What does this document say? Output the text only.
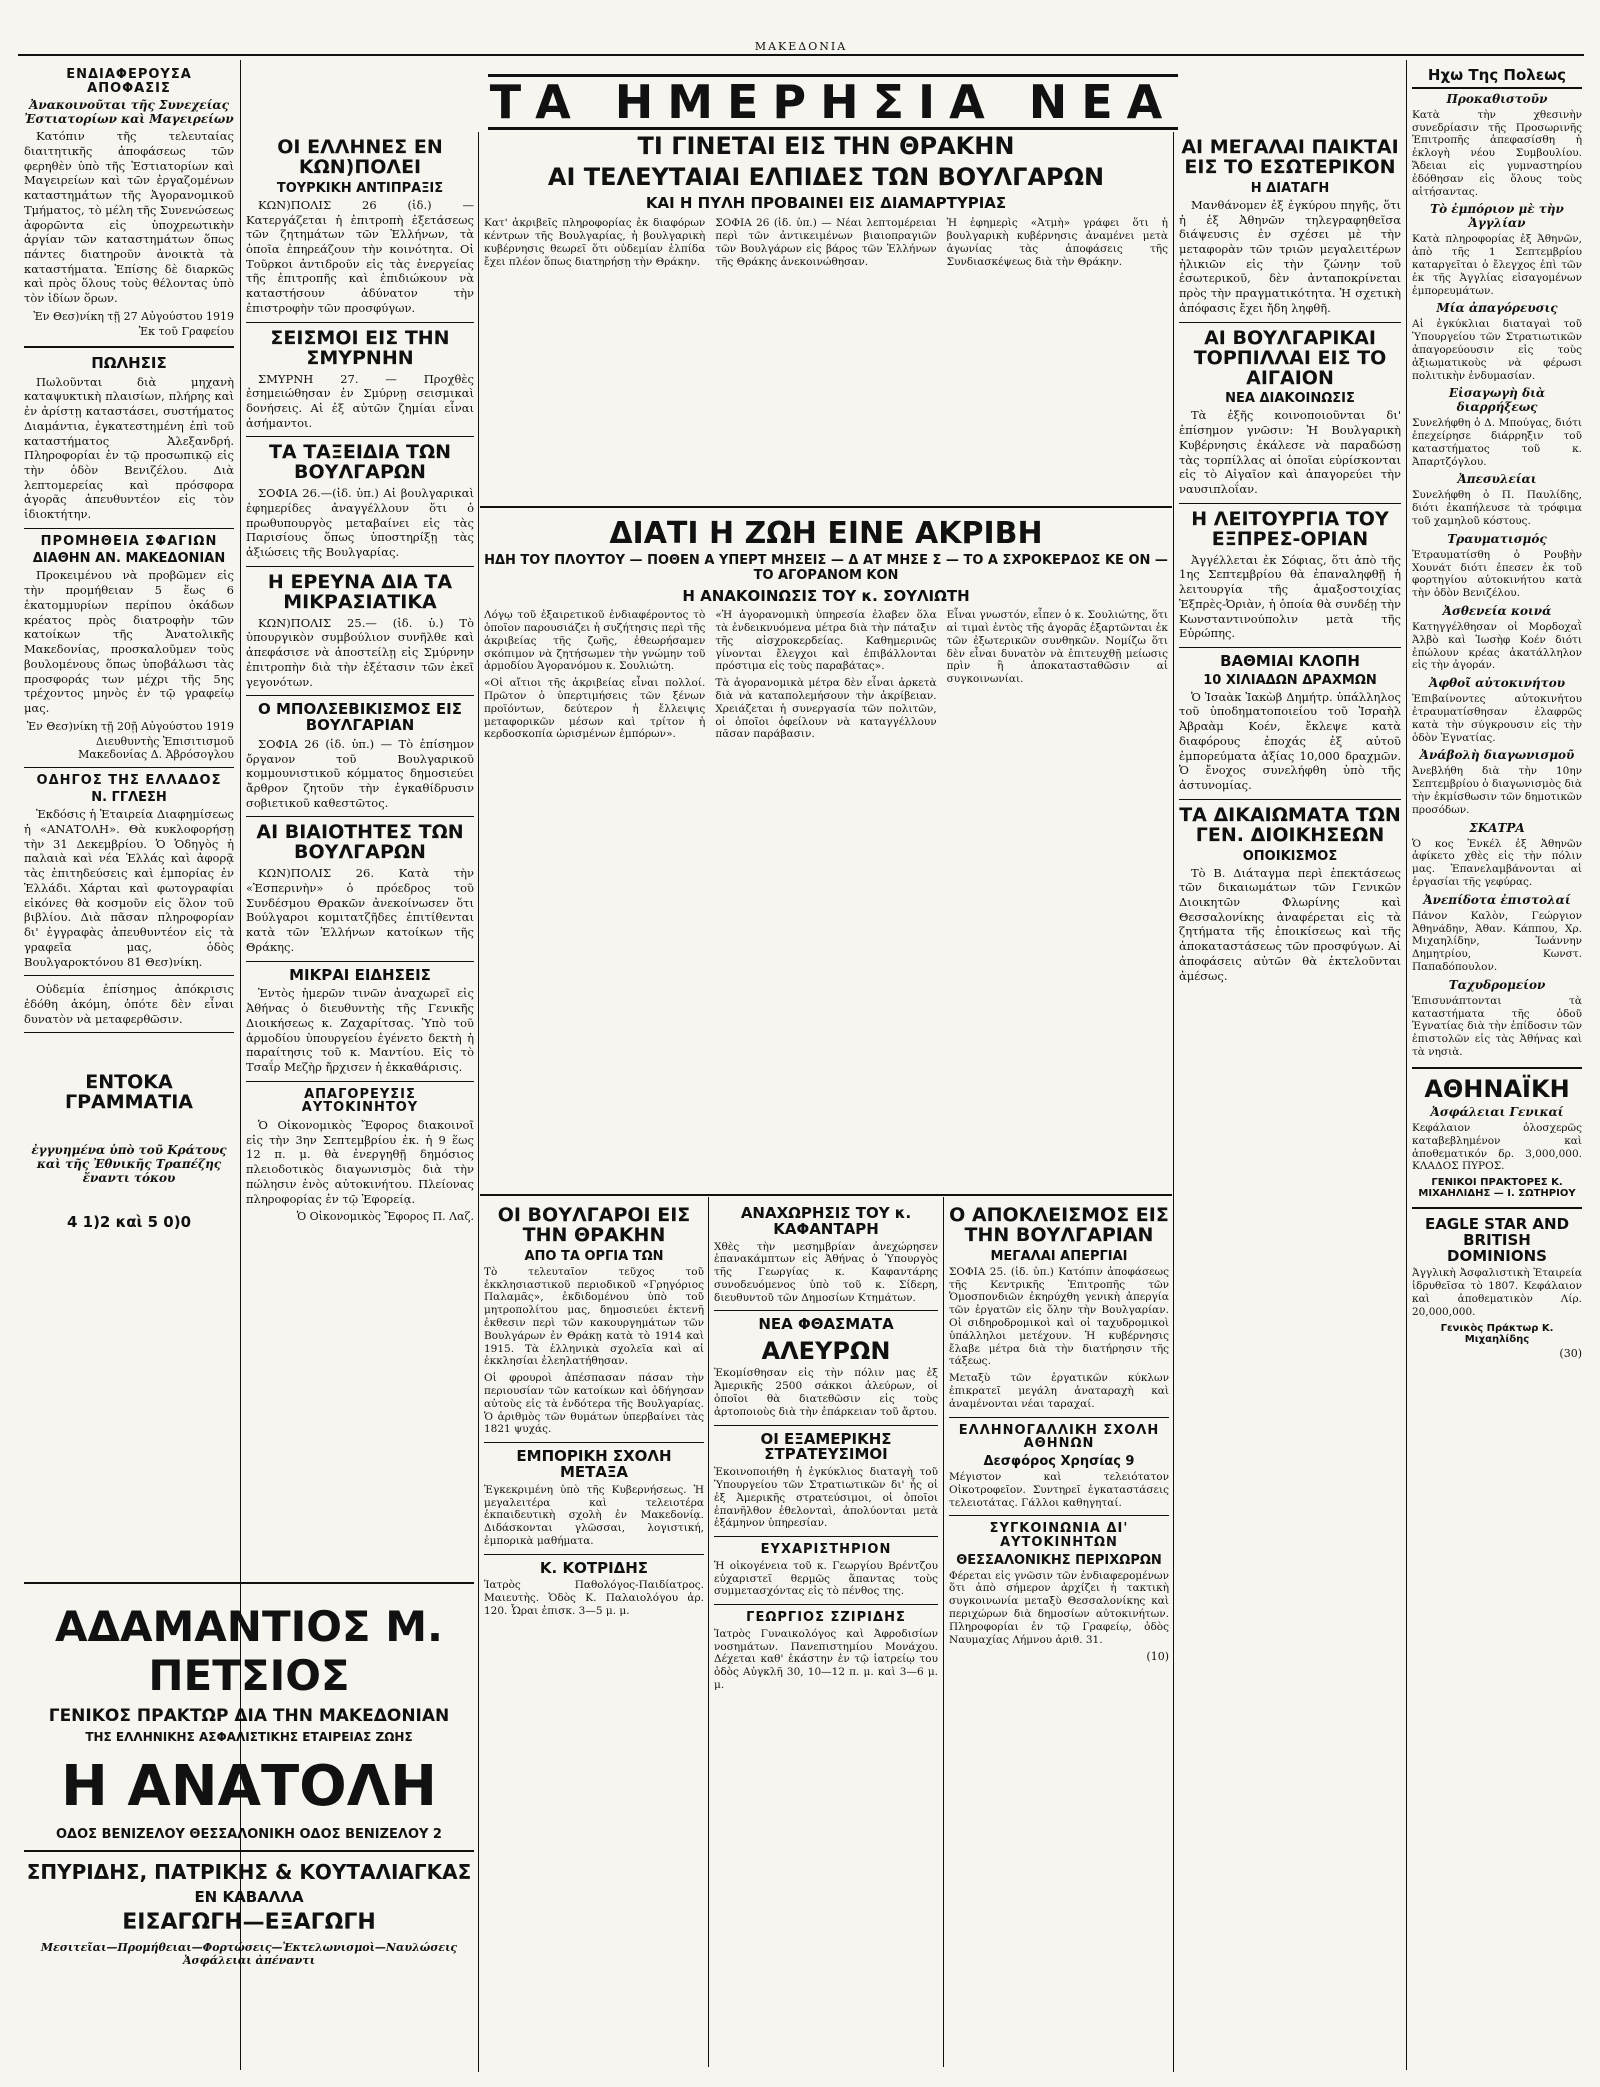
ΜΑΚΕΔΟΝΙΑ
ΤΑ ΗΜΕΡΗΣΙΑ ΝΕΑ
ΕΝΔΙΑΦΕΡΟΥΣΑ ΑΠΟΦΑΣΙΣ
Ἀνακοινοῦται τῆς Συνεχείας Ἐστιατορίων καὶ Μαγειρείων

Κατόπιν τῆς τελευταίας διαιτητικῆς ἀποφάσεως τῶν φερηθὲν ὑπὸ τῆς Ἐστιατορίων καὶ Μαγειρείων καὶ τῶν ἐργαζομένων καταστημάτων τῆς Ἀγορανομικοῦ Τμήματος, τὸ μέλη τῆς Συνενώσεως ἀφορῶντα εἰς ὑποχρεωτικὴν ἀργίαν τῶν καταστημάτων ὅπως πάντες διατηροῦν ἀνοικτὰ τὰ καταστήματα. Ἐπίσης δὲ διαρκῶς καὶ πρὸς ὅλους τοὺς θέλοντας ὑπὸ τὸν ἰδίων ὅρων.

Ἐν Θεσ)νίκη τῇ 27 Αὐγούστου 1919
Ἐκ τοῦ Γραφείου
ΠΩΛΗΣΙΣ

Πωλοῦνται διὰ μηχανὴ καταψυκτικὴ πλαισίων, πλήρης καὶ ἐν ἀρίστῃ καταστάσει, συστήματος Διαμάντια, ἐγκατεστημένη ἐπὶ τοῦ καταστήματος Ἀλεξανδρή. Πληροφορίαι ἐν τῷ προσωπικῷ εἰς τὴν ὁδὸν Βενιζέλου. Διὰ λεπτομερείας καὶ πρόσφορα ἀγορᾶς ἀπευθυντέον εἰς τὸν ἰδιοκτήτην.

ΠΡΟΜΗΘΕΙΑ ΣΦΑΓΙΩΝ
ΔΙΑΘΗΝ ΑΝ. ΜΑΚΕΔΟΝΙΑΝ

Προκειμένου νὰ προβῶμεν εἰς τὴν προμήθειαν 5 ἕως 6 ἑκατομμυρίων περίπου ὀκάδων κρέατος πρὸς διατροφὴν τῶν κατοίκων τῆς Ἀνατολικῆς Μακεδονίας, προσκαλοῦμεν τοὺς βουλομένους ὅπως ὑποβάλωσι τὰς προσφοράς των μέχρι τῆς 5ης τρέχοντος μηνὸς ἐν τῷ γραφείῳ μας.

Ἐν Θεσ)νίκη τῇ 20ῇ Αὐγούστου 1919
Διευθυντὴς Ἐπισιτισμοῦ Μακεδονίας Δ. Ἀβρόσογλου
ΟΔΗΓΟΣ ΤΗΣ ΕΛΛΑΔΟΣ
Ν. ΓΓΛΕΣΗ

Ἐκδόσις ἡ Ἑταιρεία Διαφημίσεως ἡ «ΑΝΑΤΟΛΗ». Θὰ κυκλοφορήσῃ τὴν 31 Δεκεμβρίου. Ὁ Ὁδηγὸς ἡ παλαιὰ καὶ νέα Ἑλλάς καὶ ἀφορᾷ τὰς ἐπιτηδεύσεις καὶ ἐμπορίας ἐν Ἑλλάδι. Χάρται καὶ φωτογραφίαι εἰκόνες θὰ κοσμοῦν εἰς ὅλον τοῦ βιβλίου. Διὰ πᾶσαν πληροφορίαν δι' ἐγγραφὰς ἀπευθυντέον εἰς τὰ γραφεῖα μας, ὁδὸς Βουλγαροκτόνου 81 Θεσ)νίκη.

Οὐδεμία ἐπίσημος ἀπόκρισις ἐδόθη ἀκόμη, ὁπότε δὲν εἶναι δυνατὸν νὰ μεταφερθῶσιν.

ΕΝΤΟΚΑ ΓΡΑΜΜΑΤΙΑ

ἐγγυημένα ὑπὸ τοῦ Κράτους καὶ τῆς Ἐθνικῆς Τραπέζης ἔναντι τόκου

4 1)2 καὶ 5 0)0
ΑΔΑΜΑΝΤΙΟΣ Μ. ΠΕΤΣΙΟΣ
ΓΕΝΙΚΟΣ ΠΡΑΚΤΩΡ ΔΙΑ ΤΗΝ ΜΑΚΕΔΟΝΙΑΝ
ΤΗΣ ΕΛΛΗΝΙΚΗΣ ΑΣΦΑΛΙΣΤΙΚΗΣ ΕΤΑΙΡΕΙΑΣ ΖΩΗΣ
Η ΑΝΑΤΟΛΗ
ΟΔΟΣ ΒΕΝΙΖΕΛΟΥ ΘΕΣΣΑΛΟΝΙΚΗ ΟΔΟΣ ΒΕΝΙΖΕΛΟΥ 2
ΣΠΥΡΙΔΗΣ, ΠΑΤΡΙΚΗΣ & ΚΟΥΤΑΛΙΑΓΚΑΣ
ΕΝ ΚΑΒΑΛΛΑ
ΕΙΣΑΓΩΓΗ—ΕΞΑΓΩΓΗ
Μεσιτεῖαι—Προμήθειαι—Φορτώσεις—Ἐκτελωνισμοὶ—Ναυλώσεις Ἀσφάλειαι ἀπέναντι
ΟΙ ΕΛΛΗΝΕΣ ΕΝ ΚΩΝ)ΠΟΛΕΙ
ΤΟΥΡΚΙΚΗ ΑΝΤΙΠΡΑΞΙΣ

ΚΩΝ)ΠΟΛΙΣ 26 (ἰδ.) — Κατεργάζεται ἡ ἐπιτροπὴ ἐξετάσεως τῶν ζητημάτων τῶν Ἑλλήνων, τὰ ὁποῖα ἐπηρεάζουν τὴν κοινότητα. Οἱ Τοῦρκοι ἀντιδροῦν εἰς τὰς ἐνεργείας τῆς ἐπιτροπῆς καὶ ἐπιδιώκουν νὰ καταστήσουν ἀδύνατον τὴν ἐπιστροφὴν τῶν προσφύγων.

ΣΕΙΣΜΟΙ ΕΙΣ ΤΗΝ ΣΜΥΡΝΗΝ

ΣΜΥΡΝΗ 27. — Προχθὲς ἐσημειώθησαν ἐν Σμύρνῃ σεισμικαὶ δονήσεις. Αἱ ἐξ αὐτῶν ζημίαι εἶναι ἀσήμαντοι.

ΤΑ ΤΑΞΕΙΔΙΑ ΤΩΝ ΒΟΥΛΓΑΡΩΝ

ΣΟΦΙΑ 26.—(ἰδ. ὑπ.) Αἱ βουλγαρικαὶ ἐφημερίδες ἀναγγέλλουν ὅτι ὁ πρωθυπουργὸς μεταβαίνει εἰς τὰς Παρισίους ὅπως ὑποστηρίξῃ τὰς ἀξιώσεις τῆς Βουλγαρίας.

Η ΕΡΕΥΝΑ ΔΙΑ ΤΑ ΜΙΚΡΑΣΙΑΤΙΚΑ

ΚΩΝ)ΠΟΛΙΣ 25.— (ἰδ. ὑ.) Τὸ ὑπουργικὸν συμβούλιον συνῆλθε καὶ ἀπεφάσισε νὰ ἀποστείλῃ εἰς Σμύρνην ἐπιτροπὴν διὰ τὴν ἐξέτασιν τῶν ἐκεῖ γεγονότων.

Ο ΜΠΟΛΣΕΒΙΚΙΣΜΟΣ ΕΙΣ ΒΟΥΛΓΑΡΙΑΝ

ΣΟΦΙΑ 26 (ἰδ. ὑπ.) — Τὸ ἐπίσημον ὄργανον τοῦ Βουλγαρικοῦ κομμουνιστικοῦ κόμματος δημοσιεύει ἄρθρον ζητοῦν τὴν ἐγκαθίδρυσιν σοβιετικοῦ καθεστῶτος.

ΑΙ ΒΙΑΙΟΤΗΤΕΣ ΤΩΝ ΒΟΥΛΓΑΡΩΝ

ΚΩΝ)ΠΟΛΙΣ 26. Κατὰ τὴν «Ἐσπερινὴν» ὁ πρόεδρος τοῦ Συνδέσμου Θρακῶν ἀνεκοίνωσεν ὅτι Βούλγαροι κομιτατζῆδες ἐπιτίθενται κατὰ τῶν Ἑλλήνων κατοίκων τῆς Θράκης.

ΜΙΚΡΑΙ ΕΙΔΗΣΕΙΣ

Ἐντὸς ἡμερῶν τινῶν ἀναχωρεῖ εἰς Ἀθήνας ὁ διευθυντὴς τῆς Γενικῆς Διοικήσεως κ. Ζαχαρίτσας. Ὑπὸ τοῦ ἀρμοδίου ὑπουργείου ἐγένετο δεκτὴ ἡ παραίτησις τοῦ κ. Μαντίου. Εἰς τὸ Τσαΐρ Μεζὴρ ἤρχισεν ἡ ἐκκαθάρισις.

ΑΠΑΓΟΡΕΥΣΙΣ ΑΥΤΟΚΙΝΗΤΟΥ

Ὁ Οἰκονομικὸς Ἔφορος διακοινοῖ εἰς τὴν 3ην Σεπτεμβρίου ἐκ. ἡ 9 ἕως 12 π. μ. θὰ ἐνεργηθῇ δημόσιος πλειοδοτικὸς διαγωνισμὸς διὰ τὴν πώλησιν ἑνὸς αὐτοκινήτου. Πλείονας πληροφορίας ἐν τῷ Ἐφορείᾳ.

Ὁ Οἰκονομικὸς Ἔφορος Π. Λαζ.
ΤΙ ΓΙΝΕΤΑΙ ΕΙΣ ΤΗΝ ΘΡΑΚΗΝ
ΑΙ ΤΕΛΕΥΤΑΙΑΙ ΕΛΠΙΔΕΣ ΤΩΝ ΒΟΥΛΓΑΡΩΝ
ΚΑΙ Η ΠΥΛΗ ΠΡΟΒΑΙΝΕΙ ΕΙΣ ΔΙΑΜΑΡΤΥΡΙΑΣ

Κατ' ἀκριβεῖς πληροφορίας ἐκ διαφόρων κέντρων τῆς Βουλγαρίας, ἡ βουλγαρικὴ κυβέρνησις θεωρεῖ ὅτι οὐδεμίαν ἐλπίδα ἔχει πλέον ὅπως διατηρήσῃ τὴν Θράκην.

ΣΟΦΙΑ 26 (ἰδ. ὑπ.) — Νέαι λεπτομέρειαι περὶ τῶν ἀντικειμένων βιαιοπραγιῶν τῶν Βουλγάρων εἰς βάρος τῶν Ἑλλήνων τῆς Θράκης ἀνεκοινώθησαν.

Ἡ ἐφημερὶς «Ἀτμὴ» γράφει ὅτι ἡ βουλγαρικὴ κυβέρνησις ἀναμένει μετὰ ἀγωνίας τὰς ἀποφάσεις τῆς Συνδιασκέψεως διὰ τὴν Θράκην.

ΔΙΑΤΙ Η ΖΩΗ ΕΙΝΕ ΑΚΡΙΒΗ
ΗΔΗ ΤΟΥ ΠΛΟΥΤΟΥ — ΠΟΘΕΝ Α ΥΠΕΡΤ ΜΗΣΕΙΣ — Δ ΑΤ ΜΗΣΕ Σ — ΤΟ Α ΣΧΡΟΚΕΡΔΟΣ ΚΕ ΟΝ — ΤΟ ΑΓΟΡΑΝΟΜ ΚΟΝ
Η ΑΝΑΚΟΙΝΩΣΙΣ ΤΟΥ κ. ΣΟΥΛΙΩΤΗ

Λόγῳ τοῦ ἐξαιρετικοῦ ἐνδιαφέροντος τὸ ὁποῖον παρουσιάζει ἡ συζήτησις περὶ τῆς ἀκριβείας τῆς ζωῆς, ἐθεωρήσαμεν σκόπιμον νὰ ζητήσωμεν τὴν γνώμην τοῦ ἀρμοδίου Ἀγορανόμου κ. Σουλιώτη.

«Οἱ αἴτιοι τῆς ἀκριβείας εἶναι πολλοί. Πρῶτον ὁ ὑπερτιμήσεις τῶν ξένων προϊόντων, δεύτερον ἡ ἔλλειψις μεταφορικῶν μέσων καὶ τρίτον ἡ κερδοσκοπία ὡρισμένων ἐμπόρων».

«Ἡ ἀγορανομικὴ ὑπηρεσία ἐλαβεν ὅλα τὰ ἐνδεικνυόμενα μέτρα διὰ τὴν πάταξιν τῆς αἰσχροκερδείας. Καθημερινῶς γίνονται ἔλεγχοι καὶ ἐπιβάλλονται πρόστιμα εἰς τοὺς παραβάτας».

Τὰ ἀγορανομικὰ μέτρα δὲν εἶναι ἀρκετὰ διὰ νὰ καταπολεμήσουν τὴν ἀκρίβειαν. Χρειάζεται ἡ συνεργασία τῶν πολιτῶν, οἱ ὁποῖοι ὀφείλουν νὰ καταγγέλλουν πᾶσαν παράβασιν.

Εἶναι γνωστόν, εἶπεν ὁ κ. Σουλιώτης, ὅτι αἱ τιμαὶ ἐντὸς τῆς ἀγορᾶς ἐξαρτῶνται ἐκ τῶν ἐξωτερικῶν συνθηκῶν. Νομίζω ὅτι δὲν εἶναι δυνατὸν νὰ ἐπιτευχθῇ μείωσις πρὶν ἢ ἀποκατασταθῶσιν αἱ συγκοινωνίαι.

ΟΙ ΒΟΥΛΓΑΡΟΙ ΕΙΣ ΤΗΝ ΘΡΑΚΗΝ
ΑΠΟ ΤΑ ΟΡΓΙΑ ΤΩΝ

Τὸ τελευταῖον τεῦχος τοῦ ἐκκλησιαστικοῦ περιοδικοῦ «Γρηγόριος Παλαμᾶς», ἐκδιδομένου ὑπὸ τοῦ μητροπολίτου μας, δημοσιεύει ἐκτενῆ ἐκθεσιν περὶ τῶν κακουργημάτων τῶν Βουλγάρων ἐν Θράκῃ κατὰ τὸ 1914 καὶ 1915. Τὰ ἑλληνικὰ σχολεῖα καὶ αἱ ἐκκλησίαι ἐλεηλατήθησαν.

Οἱ φρουροὶ ἀπέσπασαν πάσαν τὴν περιουσίαν τῶν κατοίκων καὶ ὁδήγησαν αὐτοὺς εἰς τὰ ἐνδότερα τῆς Βουλγαρίας. Ὁ ἀριθμὸς τῶν θυμάτων ὑπερβαίνει τὰς 1821 ψυχάς.

ΕΜΠΟΡΙΚΗ ΣΧΟΛΗ ΜΕΤΑΞΑ

Ἐγκεκριμένη ὑπὸ τῆς Κυβερνήσεως. Ἡ μεγαλειτέρα καὶ τελειοτέρα ἐκπαιδευτικὴ σχολὴ ἐν Μακεδονίᾳ. Διδάσκονται γλῶσσαι, λογιστική, ἐμπορικὰ μαθήματα.

Κ. ΚΟΤΡΙΔΗΣ

Ἰατρὸς Παθολόγος-Παιδίατρος. Μαιευτὴς. Ὁδὸς Κ. Παλαιολόγου ἀρ. 120. Ὧραι ἐπισκ. 3—5 μ. μ.

ΑΝΑΧΩΡΗΣΙΣ ΤΟΥ κ. ΚΑΦΑΝΤΑΡΗ

Χθὲς τὴν μεσημβρίαν ἀνεχώρησεν ἐπανακάμπτων εἰς Ἀθήνας ὁ Ὑπουργὸς τῆς Γεωργίας κ. Καφαντάρης συνοδευόμενος ὑπὸ τοῦ κ. Σίδερη, διευθυντοῦ τῶν Δημοσίων Κτημάτων.

ΝΕΑ ΦΘΑΣΜΑΤΑ
ΑΛΕΥΡΩΝ

Ἐκομίσθησαν εἰς τὴν πόλιν μας ἐξ Ἀμερικῆς 2500 σάκκοι ἀλεύρων, οἱ ὁποῖοι θὰ διατεθῶσιν εἰς τοὺς ἀρτοποιοὺς διὰ τὴν ἐπάρκειαν τοῦ ἄρτου.

ΟΙ ΕΞΑΜΕΡΙΚΗΣ ΣΤΡΑΤΕΥΣΙΜΟΙ

Ἐκοινοποιήθη ἡ ἐγκύκλιος διαταγὴ τοῦ Ὑπουργείου τῶν Στρατιωτικῶν δι' ἧς οἱ ἐξ Ἀμερικῆς στρατεύσιμοι, οἱ ὁποῖοι ἐπανῆλθον ἐθελονταὶ, ἀπολύονται μετὰ ἑξάμηνον ὑπηρεσίαν.

ΕΥΧΑΡΙΣΤΗΡΙΟΝ

Ἡ οἰκογένεια τοῦ κ. Γεωργίου Βρέντζου εὐχαριστεῖ θερμῶς ἅπαντας τοὺς συμμετασχόντας εἰς τὸ πένθος της.

ΓΕΩΡΓΙΟΣ ΣΖΙΡΙΔΗΣ

Ἰατρὸς Γυναικολόγος καὶ Ἀφροδισίων νοσημάτων. Πανεπιστημίου Μονάχου. Δέχεται καθ' ἑκάστην ἐν τῷ ἰατρείῳ του ὁδὸς Αὐγκλῆ 30, 10—12 π. μ. καὶ 3—6 μ. μ.

Ο ΑΠΟΚΛΕΙΣΜΟΣ ΕΙΣ ΤΗΝ ΒΟΥΛΓΑΡΙΑΝ
ΜΕΓΑΛΑΙ ΑΠΕΡΓΙΑΙ

ΣΟΦΙΑ 25. (ἰδ. ὑπ.) Κατόπιν ἀποφάσεως τῆς Κεντρικῆς Ἐπιτροπῆς τῶν Ὁμοσπονδιῶν ἐκηρύχθη γενικὴ ἀπεργία τῶν ἐργατῶν εἰς ὅλην τὴν Βουλγαρίαν. Οἱ σιδηροδρομικοὶ καὶ οἱ ταχυδρομικοὶ ὑπάλληλοι μετέχουν. Ἡ κυβέρνησις ἔλαβε μέτρα διὰ τὴν διατήρησιν τῆς τάξεως.

Μεταξὺ τῶν ἐργατικῶν κύκλων ἐπικρατεῖ μεγάλη ἀναταραχὴ καὶ ἀναμένονται νέαι ταραχαί.

ΕΛΛΗΝΟΓΑΛΛΙΚΗ ΣΧΟΛΗ ΑΘΗΝΩΝ
Δεσφόρος Χρησίας 9

Μέγιστον καὶ τελειότατον Οἰκοτροφεῖον. Συντηρεῖ ἐγκαταστάσεις τελειοτάτας. Γάλλοι καθηγηταί.

ΣΥΓΚΟΙΝΩΝΙΑ ΔΙ' ΑΥΤΟΚΙΝΗΤΩΝ
ΘΕΣΣΑΛΟΝΙΚΗΣ ΠΕΡΙΧΩΡΩΝ

Φέρεται εἰς γνῶσιν τῶν ἐνδιαφερομένων ὅτι ἀπὸ σήμερον ἀρχίζει ἡ τακτικὴ συγκοινωνία μεταξὺ Θεσσαλονίκης καὶ περιχώρων διὰ δημοσίων αὐτοκινήτων. Πληροφορίαι ἐν τῷ Γραφείῳ, ὁδὸς Ναυμαχίας Λήμνου ἀριθ. 31.

(10)
ΑΙ ΜΕΓΑΛΑΙ ΠΑΙΚΤΑΙ ΕΙΣ ΤΟ ΕΣΩΤΕΡΙΚΟΝ
Η ΔΙΑΤΑΓΗ

Μανθάνομεν ἐξ ἐγκύρου πηγῆς, ὅτι ἡ ἐξ Ἀθηνῶν τηλεγραφηθεῖσα διάψευσις ἐν σχέσει μὲ τὴν μεταφορὰν τῶν τριῶν μεγαλειτέρων ἡλικιῶν εἰς τὴν ζώνην τοῦ ἐσωτερικοῦ, δὲν ἀνταποκρίνεται πρὸς τὴν πραγματικότητα. Ἡ σχετικὴ ἀπόφασις ἔχει ἤδη ληφθῆ.

ΑΙ ΒΟΥΛΓΑΡΙΚΑΙ ΤΟΡΠΙΛΛΑΙ ΕΙΣ ΤΟ ΑΙΓΑΙΟΝ
ΝΕΑ ΔΙΑΚΟΙΝΩΣΙΣ

Τὰ ἐξῆς κοινοποιοῦνται δι' ἐπίσημον γνῶσιν: Ἡ Βουλγαρικὴ Κυβέρνησις ἐκάλεσε νὰ παραδώσῃ τὰς τορπίλλας αἱ ὁποῖαι εὑρίσκονται εἰς τὸ Αἰγαῖον καὶ ἀπαγορεύει τὴν ναυσιπλοΐαν.

Η ΛΕΙΤΟΥΡΓΙΑ ΤΟΥ ΕΞΠΡΕΣ-ΟΡΙΑΝ

Ἀγγέλλεται ἐκ Σόφιας, ὅτι ἀπὸ τῆς 1ης Σεπτεμβρίου θὰ ἐπαναληφθῇ ἡ λειτουργία τῆς ἁμαξοστοιχίας Ἐξπρὲς-Ὀριὰν, ἡ ὁποία θὰ συνδέῃ τὴν Κωνσταντινούπολιν μετὰ τῆς Εὐρώπης.

ΒΑΘΜΙΑΙ ΚΛΟΠΗ
10 ΧΙΛΙΑΔΩΝ ΔΡΑΧΜΩΝ

Ὁ Ἰσαὰκ Ἰακὼβ Δημήτρ. ὑπάλληλος τοῦ ὑποδηματοποιείου τοῦ Ἰσραὴλ Ἀβραὰμ Κοέν, ἔκλεψε κατὰ διαφόρους ἐποχάς ἐξ αὐτοῦ ἐμπορεύματα ἀξίας 10,000 δραχμῶν. Ὁ ἔνοχος συνελήφθη ὑπὸ τῆς ἀστυνομίας.

ΤΑ ΔΙΚΑΙΩΜΑΤΑ ΤΩΝ ΓΕΝ. ΔΙΟΙΚΗΣΕΩΝ
ΟΠΟΙΚΙΣΜΟΣ

Τὸ Β. Διάταγμα περὶ ἐπεκτάσεως τῶν δικαιωμάτων τῶν Γενικῶν Διοικητῶν Φλωρίνης καὶ Θεσσαλονίκης ἀναφέρεται εἰς τὰ ζητήματα τῆς ἐποικίσεως καὶ τῆς ἀποκαταστάσεως τῶν προσφύγων. Αἱ ἀποφάσεις αὐτῶν θὰ ἐκτελοῦνται ἀμέσως.

Ηχω Της Πολεως
Προκαθιστοῦν

Κατὰ τὴν χθεσινὴν συνεδρίασιν τῆς Προσωρινῆς Ἐπιτροπῆς ἀπεφασίσθη ἡ ἐκλογὴ νέου Συμβουλίου. Ἄδειαι εἰς γυμναστηρίου ἐδόθησαν εἰς ὅλους τοὺς αἰτήσαντας.

Τὸ ἐμπόριον μὲ τὴν Ἀγγλίαν

Κατὰ πληροφορίας ἐξ Ἀθηνῶν, ἀπὸ τῆς 1 Σεπτεμβρίου καταργεῖται ὁ ἔλεγχος ἐπὶ τῶν ἐκ τῆς Ἀγγλίας εἰσαγομένων ἐμπορευμάτων.

Μία ἀπαγόρευσις

Αἱ ἐγκύκλιαι διαταγαὶ τοῦ Ὑπουργείου τῶν Στρατιωτικῶν ἀπαγορεύουσιν εἰς τοὺς ἀξιωματικοὺς νὰ φέρωσι πολιτικὴν ἐνδυμασίαν.

Εἰσαγωγὴ διὰ διαρρήξεως

Συνελήφθη ὁ Δ. Μπούγας, διότι ἐπεχείρησε διάρρηξιν τοῦ καταστήματος τοῦ κ. Ἀπαρτζόγλου.

Ἀπεσυλείαι

Συνελήφθη ὁ Π. Παυλίδης, διότι ἐκαπήλευσε τὰ τρόφιμα τοῦ χαμηλοῦ κόστους.

Τραυματισμός

Ἐτραυματίσθη ὁ Ρουβὴν Χουνάτ διότι ἐπεσεν ἐκ τοῦ φορτηγίου αὐτοκινήτου κατὰ τὴν ὁδὸν Βενιζέλου.

Ἀσθενεία κοινά

Κατηγγέλθησαν οἱ Μορδοχαῒ Ἀλβὸ καὶ Ἰωσὴφ Κοέν διότι ἐπώλουν κρέας ἀκατάλληλον εἰς τὴν ἀγοράν.

Ἀφθοῖ αὐτοκινήτου

Ἐπιβαίνοντες αὐτοκινήτου ἐτραυματίσθησαν ἐλαφρῶς κατὰ τὴν σύγκρουσιν εἰς τὴν ὁδὸν Ἐγνατίας.

Ἀνάβολὴ διαγωνισμοῦ

Ἀνεβλήθη διὰ τὴν 10ην Σεπτεμβρίου ὁ διαγωνισμὸς διὰ τὴν ἐκμίσθωσιν τῶν δημοτικῶν προσόδων.

ΣΚΑΤΡΑ

Ὁ κος Ἐνκέλ ἐξ Ἀθηνῶν ἀφίκετο χθὲς εἰς τὴν πόλιν μας. Ἐπανελαμβάνονται αἱ ἐργασίαι τῆς γεφύρας.

Ἀνεπίδοτα ἐπιστολαί

Πάνον Καλὸν, Γεώργιον Ἀθηνάδην, Ἀθαν. Κάππου, Χρ. Μιχαηλίδην, Ἰωάννην Δημητρίου, Κωνστ. Παπαδόπουλον.

Ταχυδρομείον

Ἐπισυνάπτονται τὰ καταστήματα τῆς ὁδοῦ Ἐγνατίας διὰ τὴν ἐπίδοσιν τῶν ἐπιστολῶν εἰς τὰς Ἀθήνας καὶ τὰ νησιὰ.

ΑΘΗΝΑΪΚΗ
Ἀσφάλειαι Γενικαί

Κεφάλαιον ὁλοσχερῶς καταβεβλημένον καὶ ἀποθεματικόν δρ. 3,000,000. ΚΛΑΔΟΣ ΠΥΡΟΣ.

ΓΕΝΙΚΟΙ ΠΡΑΚΤΟΡΕΣ Κ. ΜΙΧΑΗΛΙΔΗΣ — Ι. ΣΩΤΗΡΙΟΥ
EAGLE STAR AND BRITISH DOMINIONS

Ἀγγλικὴ Ἀσφαλιστικὴ Ἑταιρεία ἱδρυθεῖσα τὸ 1807. Κεφάλαιον καὶ ἀποθεματικὸν Λίρ. 20,000,000.

Γενικὸς Πράκτωρ Κ. Μιχαηλίδης
(30)
